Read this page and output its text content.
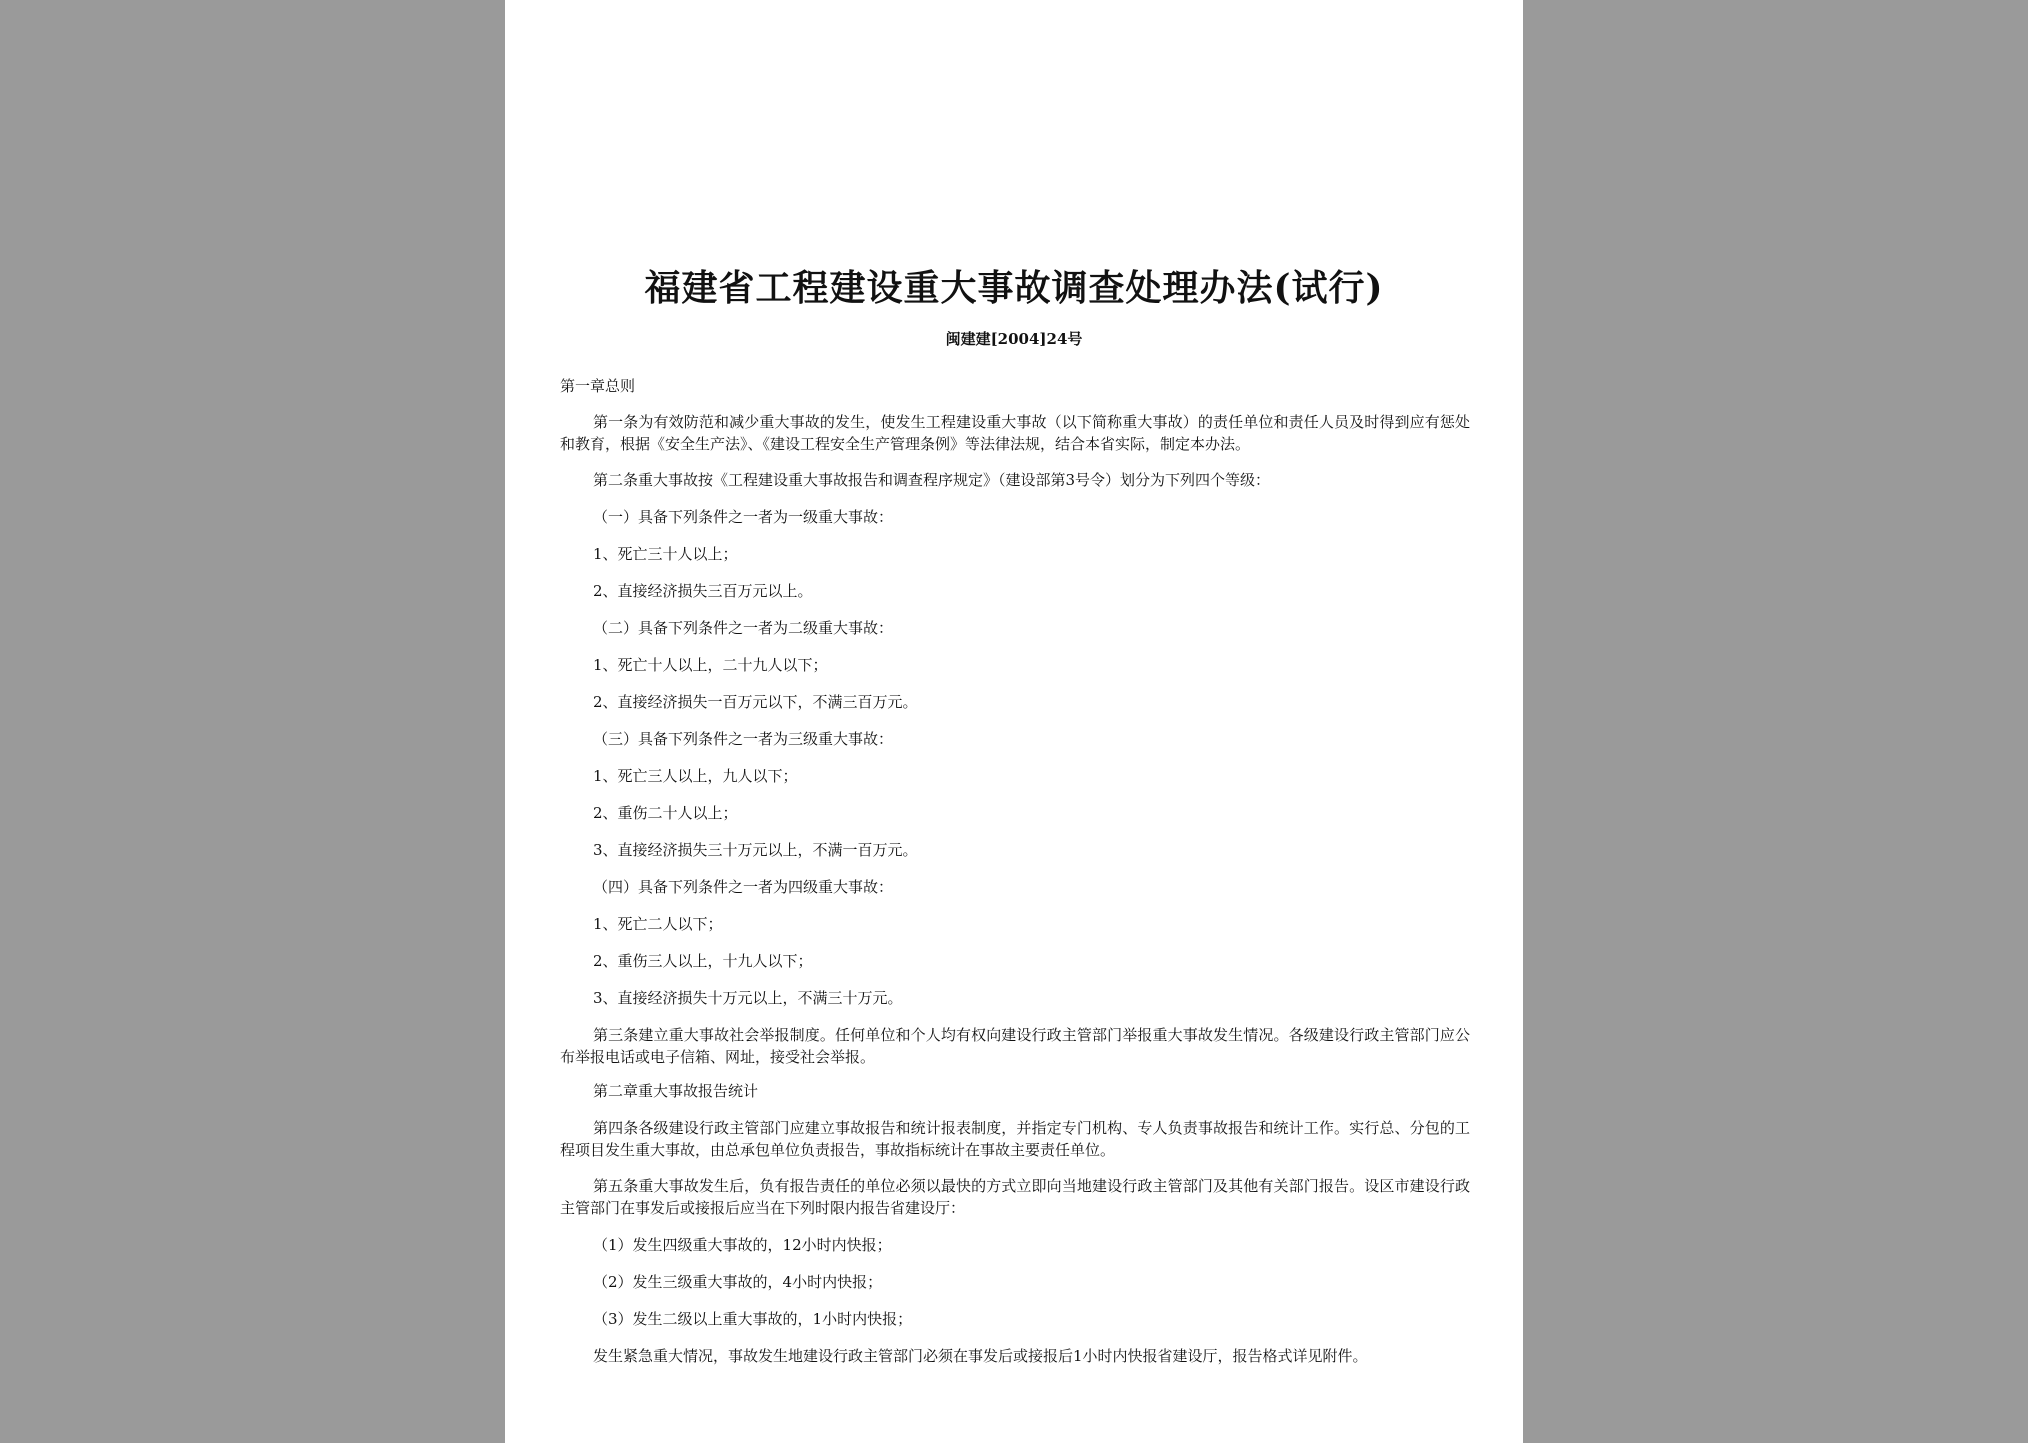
福建省工程建设重大事故调查处理办法(试行)
闽建建[2004]24号
第一章总则
第一条为有效防范和减少重大事故的发生，使发生工程建设重大事故（以下简称重大事故）的责任单位和责任人员及时得到应有惩处和教育，根据《安全生产法》、《建设工程安全生产管理条例》等法律法规，结合本省实际，制定本办法。
第二条重大事故按《工程建设重大事故报告和调查程序规定》（建设部第3号令）划分为下列四个等级：
（一）具备下列条件之一者为一级重大事故：
1、死亡三十人以上；
2、直接经济损失三百万元以上。
（二）具备下列条件之一者为二级重大事故：
1、死亡十人以上，二十九人以下；
2、直接经济损失一百万元以下，不满三百万元。
（三）具备下列条件之一者为三级重大事故：
1、死亡三人以上，九人以下；
2、重伤二十人以上；
3、直接经济损失三十万元以上，不满一百万元。
（四）具备下列条件之一者为四级重大事故：
1、死亡二人以下；
2、重伤三人以上，十九人以下；
3、直接经济损失十万元以上，不满三十万元。
第三条建立重大事故社会举报制度。任何单位和个人均有权向建设行政主管部门举报重大事故发生情况。各级建设行政主管部门应公布举报电话或电子信箱、网址，接受社会举报。
第二章重大事故报告统计
第四条各级建设行政主管部门应建立事故报告和统计报表制度，并指定专门机构、专人负责事故报告和统计工作。实行总、分包的工程项目发生重大事故，由总承包单位负责报告，事故指标统计在事故主要责任单位。
第五条重大事故发生后，负有报告责任的单位必须以最快的方式立即向当地建设行政主管部门及其他有关部门报告。设区市建设行政主管部门在事发后或接报后应当在下列时限内报告省建设厅：
（1）发生四级重大事故的，12小时内快报；
（2）发生三级重大事故的，4小时内快报；
（3）发生二级以上重大事故的，1小时内快报；
发生紧急重大情况，事故发生地建设行政主管部门必须在事发后或接报后1小时内快报省建设厅，报告格式详见附件。
